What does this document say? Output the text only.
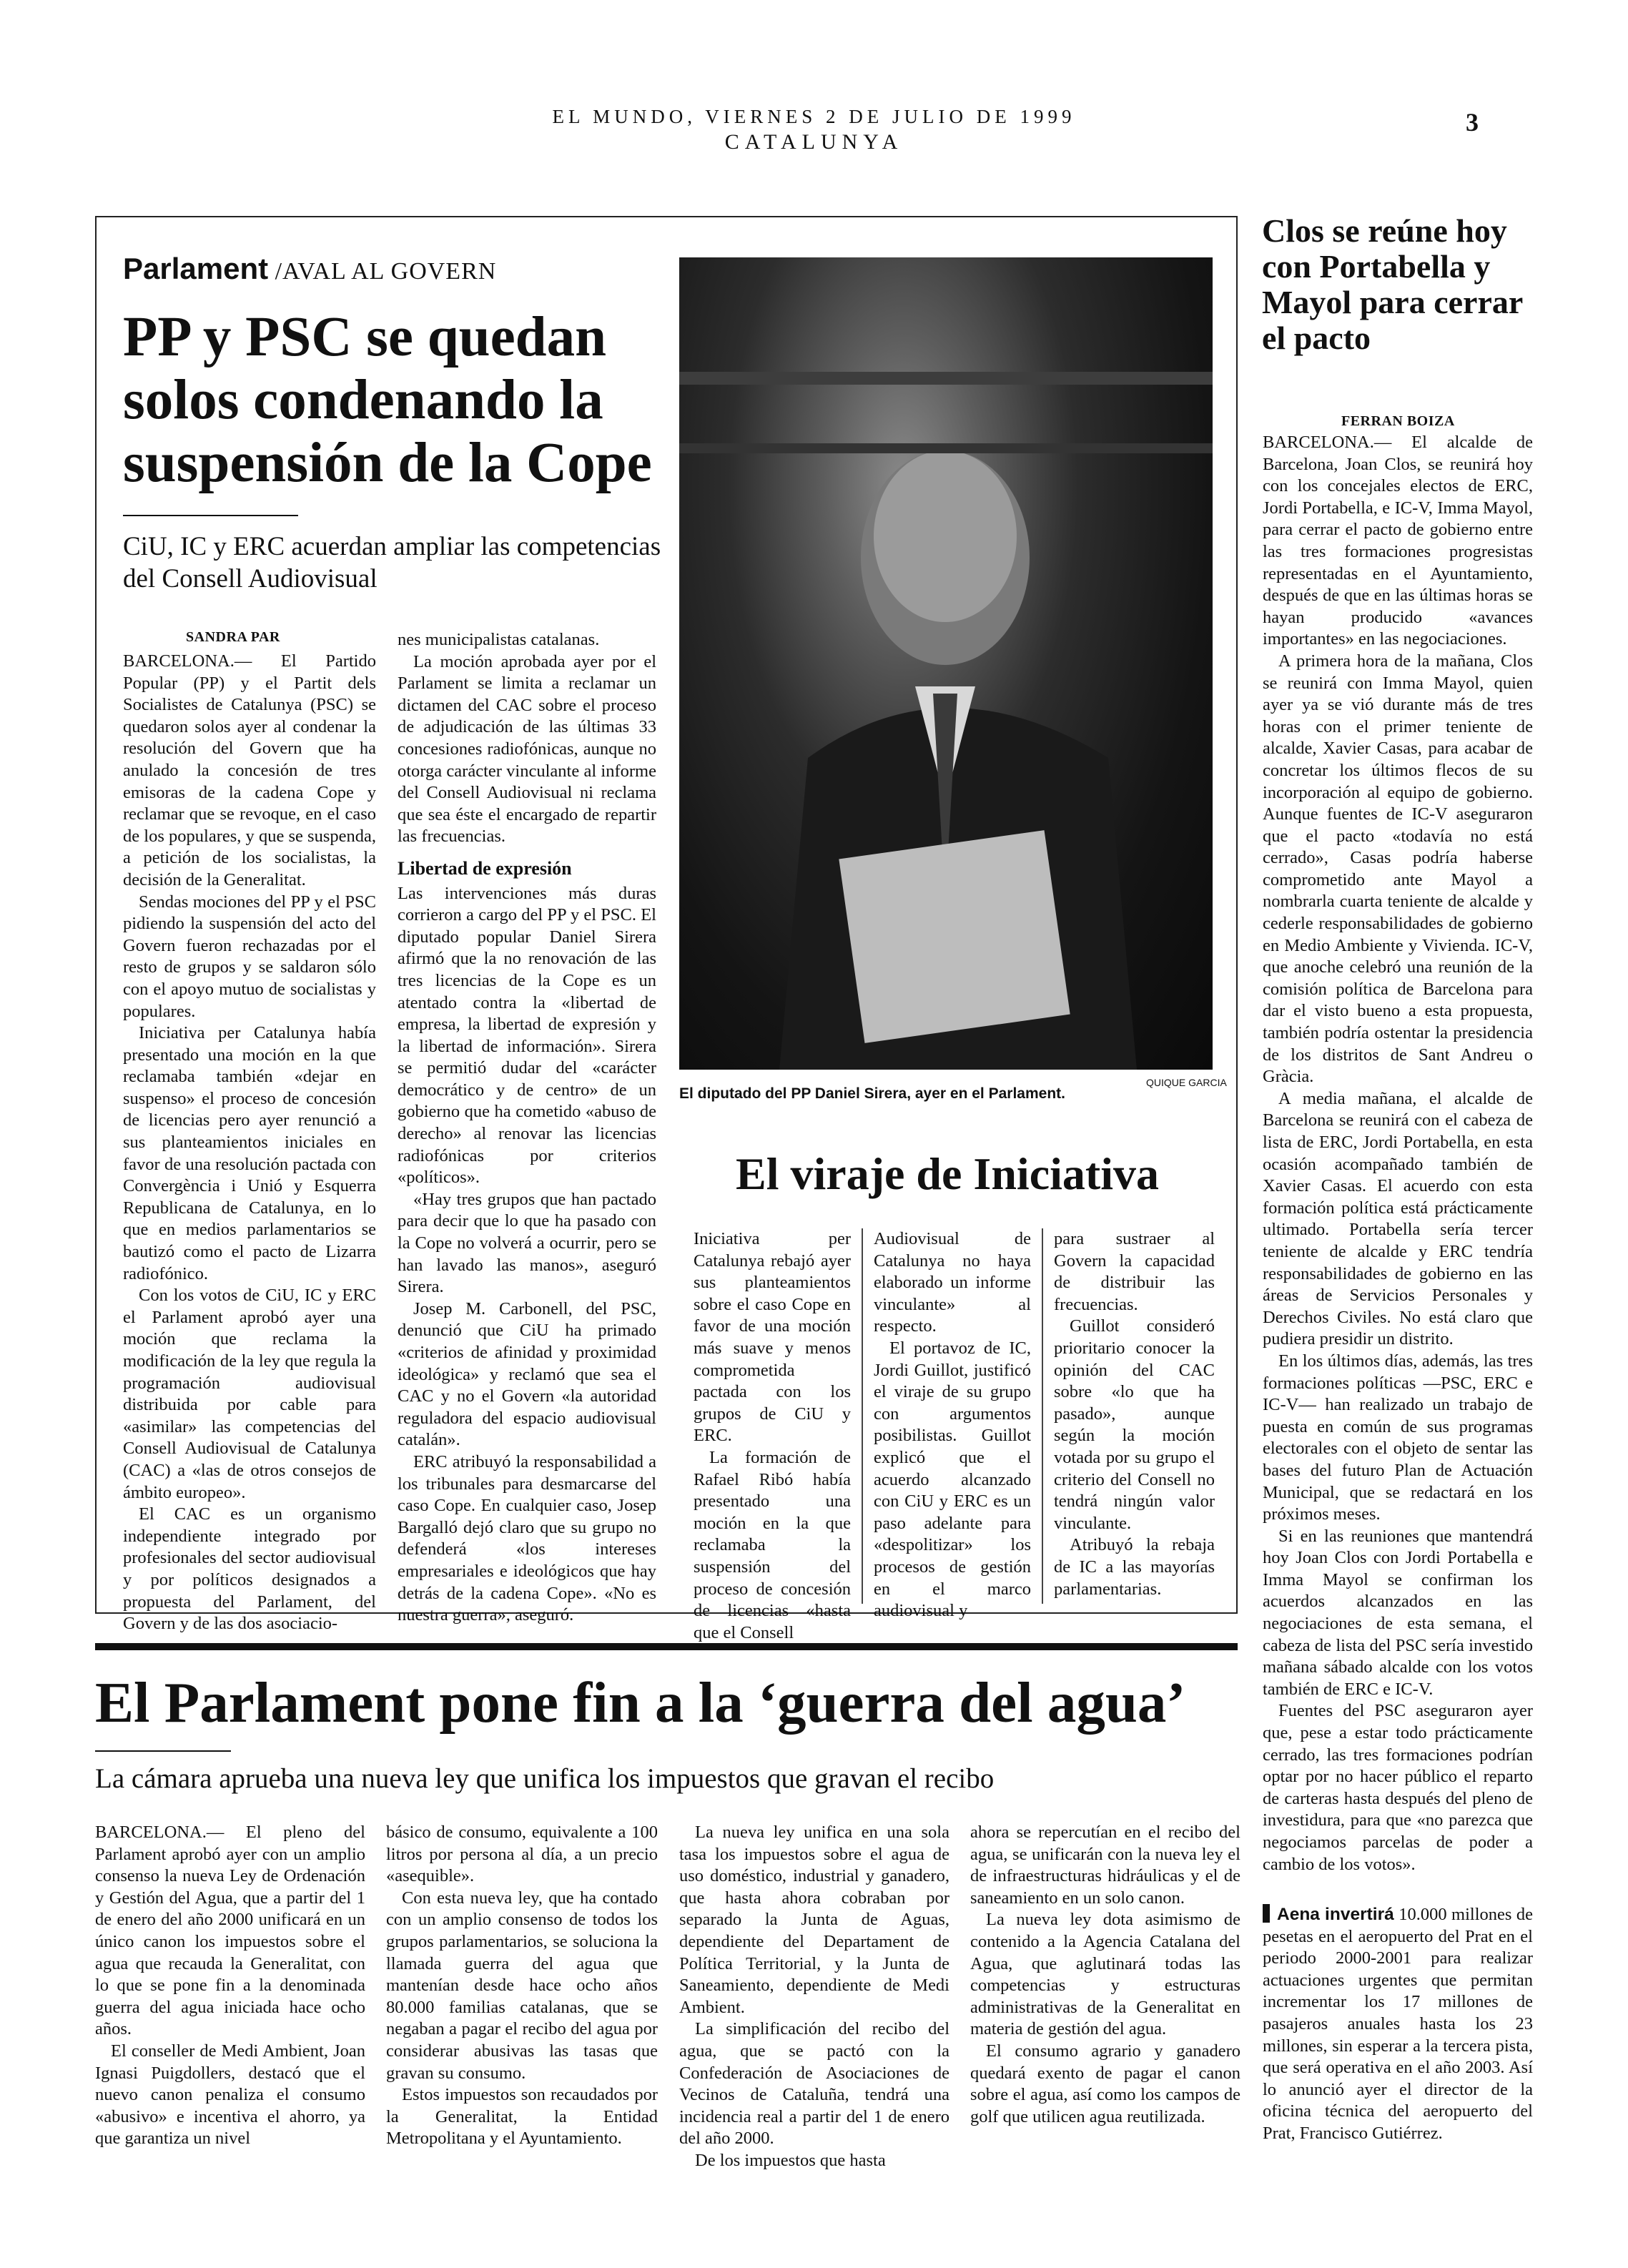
EL MUNDO, VIERNES 2 DE JULIO DE 1999
CATALUNYA
3
Parlament /AVAL AL GOVERN
PP y PSC se quedan solos condenando la suspensión de la Cope
CiU, IC y ERC acuerdan ampliar las competencias del Consell Audiovisual
SANDRA PAR

BARCELONA.— El Partido Popular (PP) y el Partit dels Socialistes de Catalunya (PSC) se quedaron solos ayer al condenar la resolución del Govern que ha anulado la concesión de tres emisoras de la cadena Cope y reclamar que se revoque, en el caso de los populares, y que se suspenda, a petición de los socialistas, la decisión de la Generalitat.

Sendas mociones del PP y el PSC pidiendo la suspensión del acto del Govern fueron rechazadas por el resto de grupos y se saldaron sólo con el apoyo mutuo de socialistas y populares.

Iniciativa per Catalunya había presentado una moción en la que reclamaba también «dejar en suspenso» el proceso de concesión de licencias pero ayer renunció a sus planteamientos iniciales en favor de una resolución pactada con Convergència i Unió y Esquerra Republicana de Catalunya, en lo que en medios parlamentarios se bautizó como el pacto de Lizarra radiofónico.

Con los votos de CiU, IC y ERC el Parlament aprobó ayer una moción que reclama la modificación de la ley que regula la programación audiovisual distribuida por cable para «asimilar» las competencias del Consell Audiovisual de Catalunya (CAC) a «las de otros consejos de ámbito europeo».

El CAC es un organismo independiente integrado por profesionales del sector audiovisual y por políticos designados a propuesta del Parlament, del Govern y de las dos asociacio-

nes municipalistas catalanas.

La moción aprobada ayer por el Parlament se limita a reclamar un dictamen del CAC sobre el proceso de adjudicación de las últimas 33 concesiones radiofónicas, aunque no otorga carácter vinculante al informe del Consell Audiovisual ni reclama que sea éste el encargado de repartir las frecuencias.

Libertad de expresión

Las intervenciones más duras corrieron a cargo del PP y el PSC. El diputado popular Daniel Sirera afirmó que la no renovación de las tres licencias de la Cope es un atentado contra la «libertad de empresa, la libertad de expresión y la libertad de información». Sirera se permitió dudar del «carácter democrático y de centro» de un gobierno que ha cometido «abuso de derecho» al renovar las licencias radiofónicas por criterios «políticos».

«Hay tres grupos que han pactado para decir que lo que ha pasado con la Cope no volverá a ocurrir, pero se han lavado las manos», aseguró Sirera.

Josep M. Carbonell, del PSC, denunció que CiU ha primado «criterios de afinidad y proximidad ideológica» y reclamó que sea el CAC y no el Govern «la autoridad reguladora del espacio audiovisual catalán».

ERC atribuyó la responsabilidad a los tribunales para desmarcarse del caso Cope. En cualquier caso, Josep Bargalló dejó claro que su grupo no defenderá «los intereses empresariales e ideológicos que hay detrás de la cadena Cope». «No es nuestra guerra», aseguró.

QUIQUE GARCIA
El diputado del PP Daniel Sirera, ayer en el Parlament.
El viraje de Iniciativa

Iniciativa per Catalunya rebajó ayer sus planteamientos sobre el caso Cope en favor de una moción más suave y menos comprometida pactada con los grupos de CiU y ERC.

La formación de Rafael Ribó había presentado una moción en la que reclamaba la suspensión del proceso de concesión de licencias «hasta que el Consell

Audiovisual de Catalunya no haya elaborado un informe vinculante» al respecto.

El portavoz de IC, Jordi Guillot, justificó el viraje de su grupo con argumentos posibilistas. Guillot explicó que el acuerdo alcanzado con CiU y ERC es un paso adelante para «despolitizar» los procesos de gestión en el marco audiovisual y

para sustraer al Govern la capacidad de distribuir las frecuencias.

Guillot consideró prioritario conocer la opinión del CAC sobre «lo que ha pasado», aunque según la moción votada por su grupo el criterio del Consell no tendrá ningún valor vinculante.

Atribuyó la rebaja de IC a las mayorías parlamentarias.

Clos se reúne hoy con Portabella y Mayol para cerrar el pacto
FERRAN BOIZA

BARCELONA.— El alcalde de Barcelona, Joan Clos, se reunirá hoy con los concejales electos de ERC, Jordi Portabella, e IC-V, Imma Mayol, para cerrar el pacto de gobierno entre las tres formaciones progresistas representadas en el Ayuntamiento, después de que en las últimas horas se hayan producido «avances importantes» en las negociaciones.

A primera hora de la mañana, Clos se reunirá con Imma Mayol, quien ayer ya se vió durante más de tres horas con el primer teniente de alcalde, Xavier Casas, para acabar de concretar los últimos flecos de su incorporación al equipo de gobierno. Aunque fuentes de IC-V aseguraron que el pacto «todavía no está cerrado», Casas podría haberse comprometido ante Mayol a nombrarla cuarta teniente de alcalde y cederle responsabilidades de gobierno en Medio Ambiente y Vivienda. IC-V, que anoche celebró una reunión de la comisión política de Barcelona para dar el visto bueno a esta propuesta, también podría ostentar la presidencia de los distritos de Sant Andreu o Gràcia.

A media mañana, el alcalde de Barcelona se reunirá con el cabeza de lista de ERC, Jordi Portabella, en esta ocasión acompañado también de Xavier Casas. El acuerdo con esta formación política está prácticamente ultimado. Portabella sería tercer teniente de alcalde y ERC tendría responsabilidades de gobierno en las áreas de Servicios Personales y Derechos Civiles. No está claro que pudiera presidir un distrito.

En los últimos días, además, las tres formaciones políticas —PSC, ERC e IC-V— han realizado un trabajo de puesta en común de sus programas electorales con el objeto de sentar las bases del futuro Plan de Actuación Municipal, que se redactará en los próximos meses.

Si en las reuniones que mantendrá hoy Joan Clos con Jordi Portabella e Imma Mayol se confirman los acuerdos alcanzados en las negociaciones de esta semana, el cabeza de lista del PSC sería investido mañana sábado alcalde con los votos también de ERC e IC-V.

Fuentes del PSC aseguraron ayer que, pese a estar todo prácticamente cerrado, las tres formaciones podrían optar por no hacer público el reparto de carteras hasta después del pleno de investidura, para que «no parezca que negociamos parcelas de poder a cambio de los votos».

Aena invertirá 10.000 millones de pesetas en el aeropuerto del Prat en el periodo 2000-2001 para realizar actuaciones urgentes que permitan incrementar los 17 millones de pasajeros anuales hasta los 23 millones, sin esperar a la tercera pista, que será operativa en el año 2003. Así lo anunció ayer el director de la oficina técnica del aeropuerto del Prat, Francisco Gutiérrez.

El Parlament pone fin a la ‘guerra del agua’
La cámara aprueba una nueva ley que unifica los impuestos que gravan el recibo

BARCELONA.— El pleno del Parlament aprobó ayer con un amplio consenso la nueva Ley de Ordenación y Gestión del Agua, que a partir del 1 de enero del año 2000 unificará en un único canon los impuestos sobre el agua que recauda la Generalitat, con lo que se pone fin a la denominada guerra del agua iniciada hace ocho años.

El conseller de Medi Ambient, Joan Ignasi Puigdollers, destacó que el nuevo canon penaliza el consumo «abusivo» e incentiva el ahorro, ya que garantiza un nivel

básico de consumo, equivalente a 100 litros por persona al día, a un precio «asequible».

Con esta nueva ley, que ha contado con un amplio consenso de todos los grupos parlamentarios, se soluciona la llamada guerra del agua que mantenían desde hace ocho años 80.000 familias catalanas, que se negaban a pagar el recibo del agua por considerar abusivas las tasas que gravan su consumo.

Estos impuestos son recaudados por la Generalitat, la Entidad Metropolitana y el Ayuntamiento.

La nueva ley unifica en una sola tasa los impuestos sobre el agua de uso doméstico, industrial y ganadero, que hasta ahora cobraban por separado la Junta de Aguas, dependiente del Departament de Política Territorial, y la Junta de Saneamiento, dependiente de Medi Ambient.

La simplificación del recibo del agua, que se pactó con la Confederación de Asociaciones de Vecinos de Cataluña, tendrá una incidencia real a partir del 1 de enero del año 2000.

De los impuestos que hasta

ahora se repercutían en el recibo del agua, se unificarán con la nueva ley el de infraestructuras hidráulicas y el de saneamiento en un solo canon.

La nueva ley dota asimismo de contenido a la Agencia Catalana del Agua, que aglutinará todas las competencias y estructuras administrativas de la Generalitat en materia de gestión del agua.

El consumo agrario y ganadero quedará exento de pagar el canon sobre el agua, así como los campos de golf que utilicen agua reutilizada.
